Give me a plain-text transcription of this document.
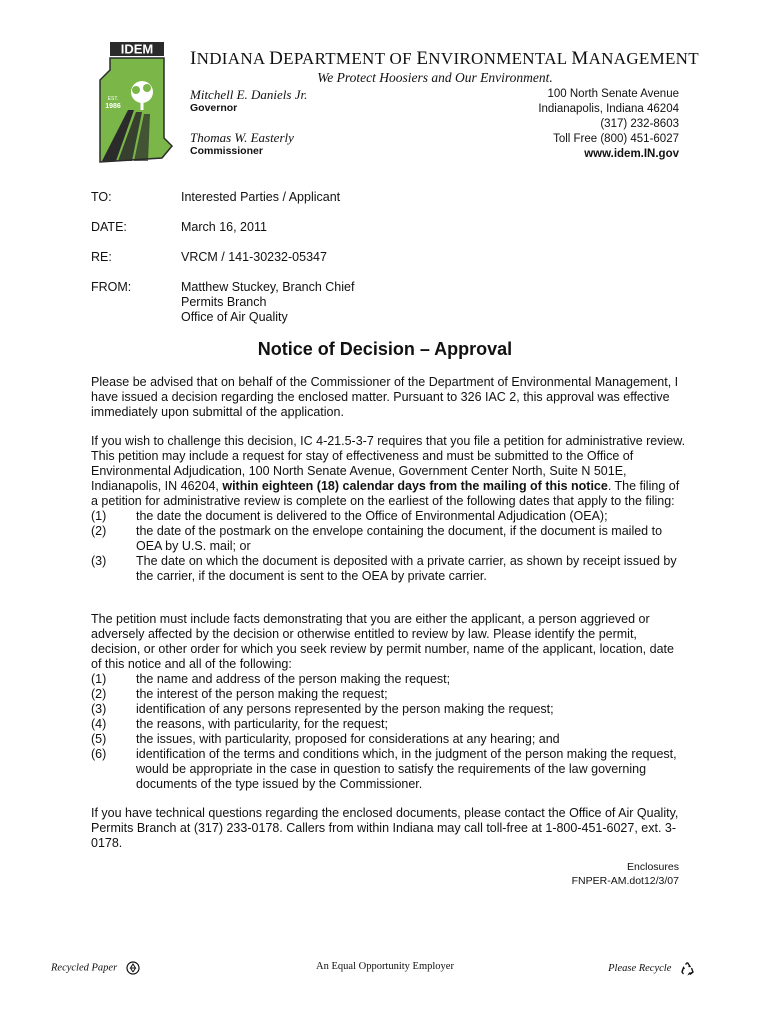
IDEM
EST.
1986
INDIANA DEPARTMENT OF ENVIRONMENTAL MANAGEMENT
We Protect Hoosiers and Our Environment.
Mitchell E. Daniels Jr.
Governor
Thomas W. Easterly
Commissioner
100 North Senate Avenue
Indianapolis, Indiana 46204
(317) 232-8603
Toll Free (800) 451-6027
www.idem.IN.gov
TO:	Interested Parties / Applicant
DATE:	March 16, 2011
RE:	VRCM / 141-30232-05347
FROM:	Matthew Stuckey, Branch Chief
Permits Branch
Office of Air Quality
Notice of Decision – Approval

Please be advised that on behalf of the Commissioner of the Department of Environmental Management, I have issued a decision regarding the enclosed matter. Pursuant to 326 IAC 2, this approval was effective immediately upon submittal of the application.

If you wish to challenge this decision, IC 4-21.5-3-7 requires that you file a petition for administrative review. This petition may include a request for stay of effectiveness and must be submitted to the Office of Environmental Adjudication, 100 North Senate Avenue, Government Center North, Suite N 501E, Indianapolis, IN 46204, within eighteen (18) calendar days from the mailing of this notice. The filing of a petition for administrative review is complete on the earliest of the following dates that apply to the filing:

(1) the date the document is delivered to the Office of Environmental Adjudication (OEA);
(2) the date of the postmark on the envelope containing the document, if the document is mailed to OEA by U.S. mail; or
(3) The date on which the document is deposited with a private carrier, as shown by receipt issued by the carrier, if the document is sent to the OEA by private carrier.

The petition must include facts demonstrating that you are either the applicant, a person aggrieved or adversely affected by the decision or otherwise entitled to review by law. Please identify the permit, decision, or other order for which you seek review by permit number, name of the applicant, location, date of this notice and all of the following:

(1) the name and address of the person making the request;
(2) the interest of the person making the request;
(3) identification of any persons represented by the person making the request;
(4) the reasons, with particularity, for the request;
(5) the issues, with particularity, proposed for considerations at any hearing; and
(6) identification of the terms and conditions which, in the judgment of the person making the request, would be appropriate in the case in question to satisfy the requirements of the law governing documents of the type issued by the Commissioner.

If you have technical questions regarding the enclosed documents, please contact the Office of Air Quality, Permits Branch at (317) 233-0178. Callers from within Indiana may call toll-free at 1-800-451-6027, ext. 3-0178.

Enclosures
FNPER-AM.dot12/3/07
Recycled Paper	An Equal Opportunity Employer	Please Recycle
